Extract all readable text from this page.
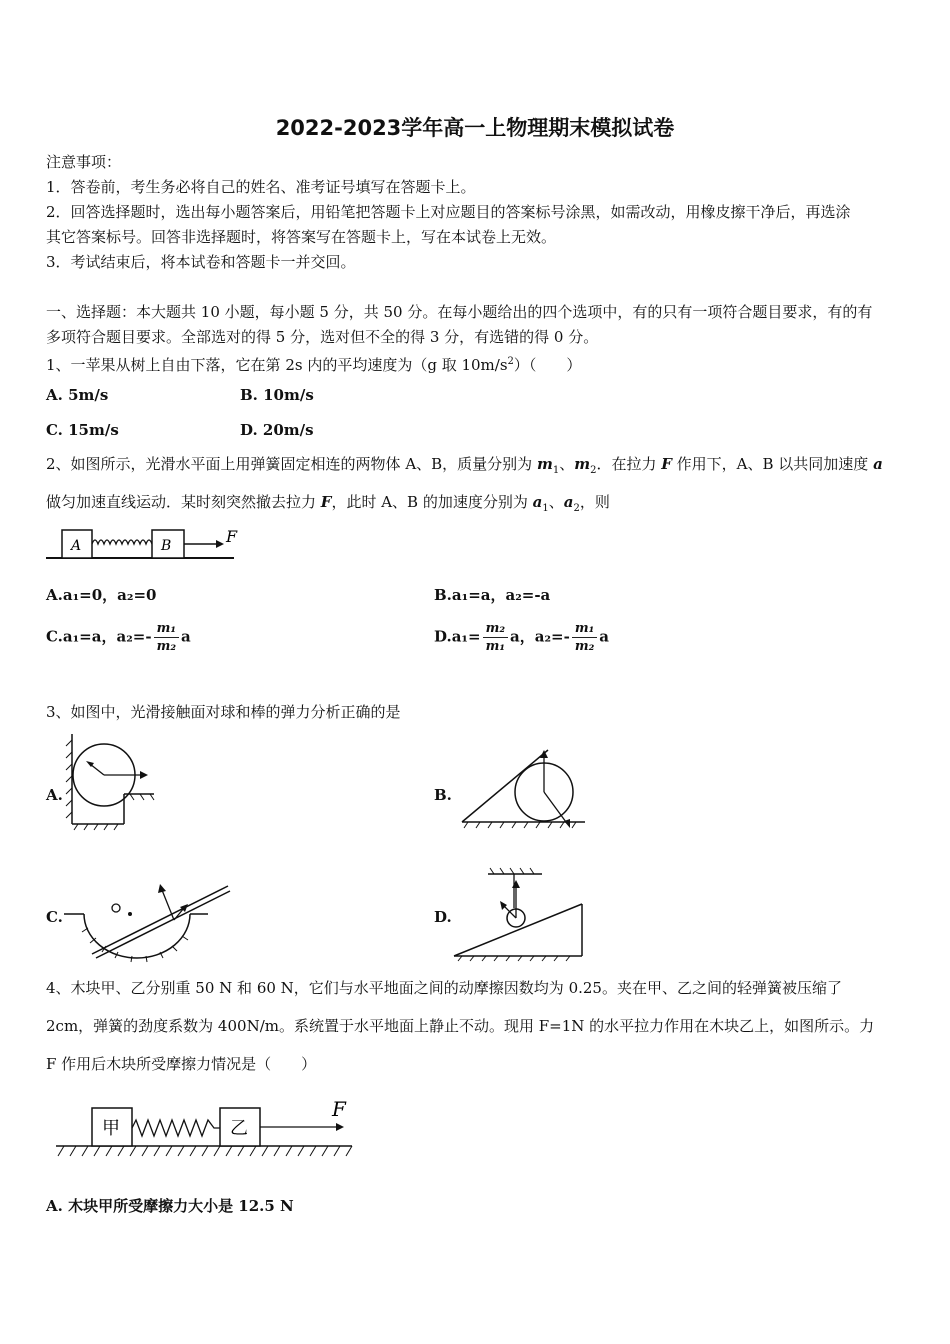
2022-2023学年高一上物理期末模拟试卷
注意事项：
1．答卷前，考生务必将自己的姓名、准考证号填写在答题卡上。
2．回答选择题时，选出每小题答案后，用铅笔把答题卡上对应题目的答案标号涂黑，如需改动，用橡皮擦干净后，再选涂
其它答案标号。回答非选择题时，将答案写在答题卡上，写在本试卷上无效。
3．考试结束后，将本试卷和答题卡一并交回。
一、选择题：本大题共 10 小题，每小题 5 分，共 50 分。在每小题给出的四个选项中，有的只有一项符合题目要求，有的有
多项符合题目要求。全部选对的得 5 分，选对但不全的得 3 分，有选错的得 0 分。
1、一苹果从树上自由下落，它在第 2s 内的平均速度为（g 取 $10m/s^2$）（　　）
A. 5m/s	B. 10m/s
C. 15m/s	D. 20m/s
2、如图所示，光滑水平面上用弹簧固定相连的两物体 A、B，质量分别为 $m_1$、$m_2$．在拉力 F 作用下，A、B 以共同加速度 a
做匀加速直线运动．某时刻突然撤去拉力 F，此时 A、B 的加速度分别为 $a_1$、$a_2$，则
A	B	F
A.a₁=0，a₂=0	B.a₁=a，a₂=-a
C.a₁=a，$a_2=- \frac{\text{m₁}}{\text{m₂}}$ a	$D.a_1= \frac{\text{m₂}}{\text{m₁}}$ a，$a_2=- \frac{\text{m₁}}{\text{m₂}}$ a
3、如图中，光滑接触面对球和棒的弹力分析正确的是
A.	B.
C.	D.
4、木块甲、乙分别重 50 N 和 60 N，它们与水平地面之间的动摩擦因数均为 0.25。夹在甲、乙之间的轻弹簧被压缩了
2cm，弹簧的劲度系数为 400N/m。系统置于水平地面上静止不动。现用 F=1N 的水平拉力作用在木块乙上，如图所示。力
F 作用后木块所受摩擦力情况是（　　）
甲	乙
F
A. 木块甲所受摩擦力大小是 12.5 N
